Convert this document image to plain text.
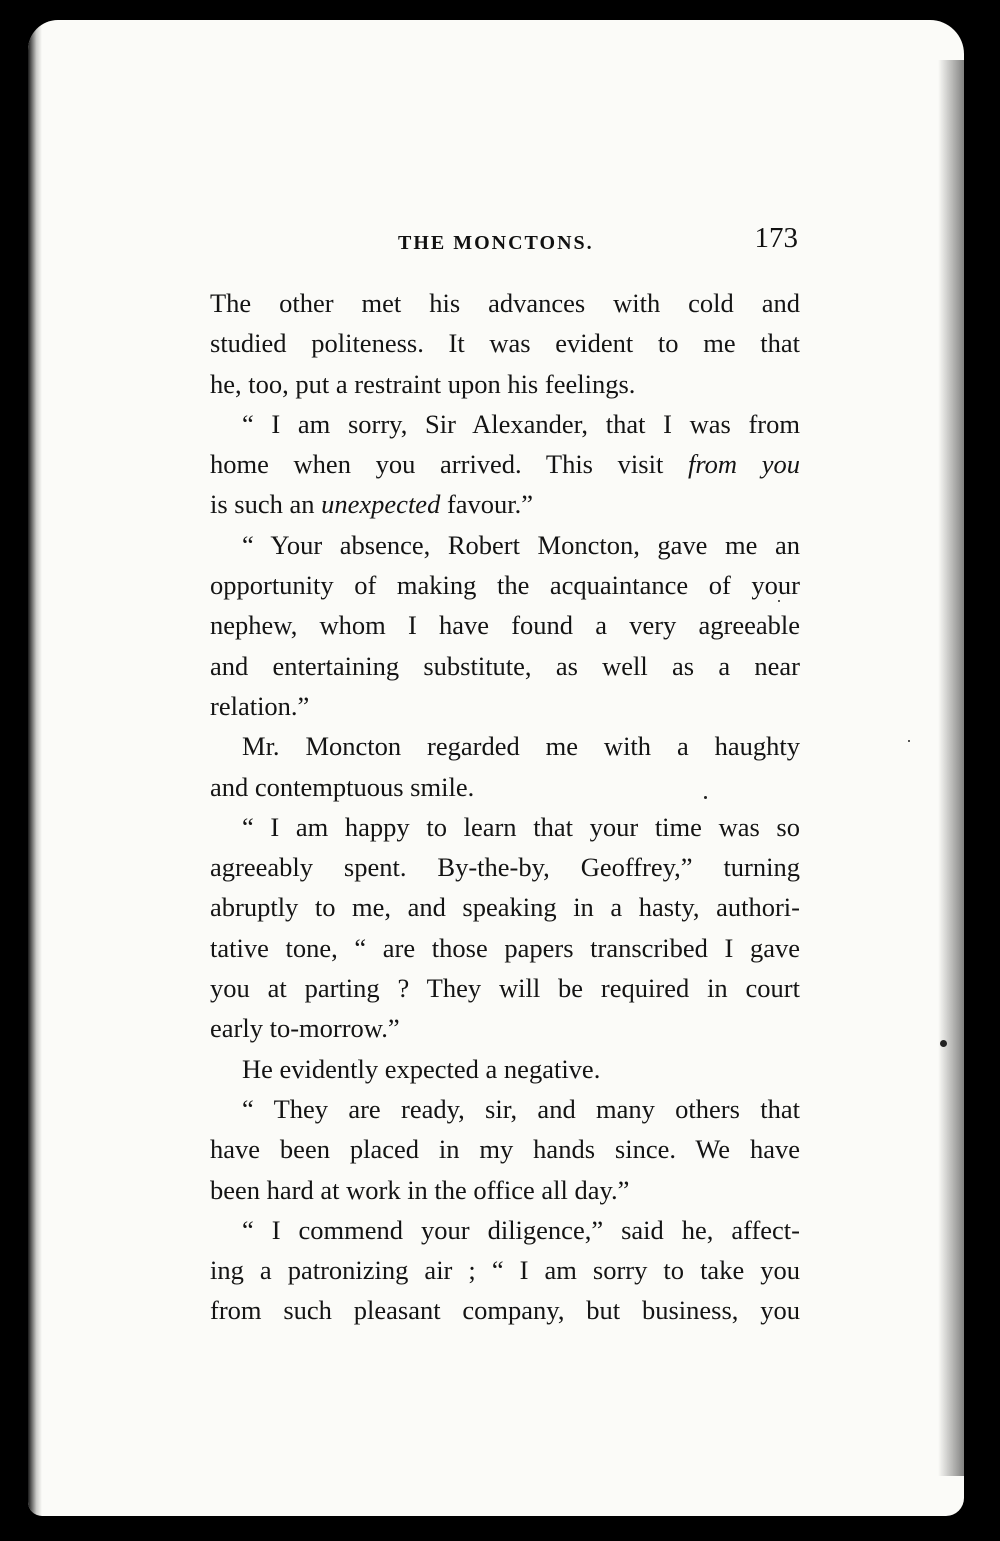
THE MONCTONS.	173
The other met his advances with cold and
studied politeness. It was evident to me that
he, too, put a restraint upon his feelings.
“ I am sorry, Sir Alexander, that I was from
home when you arrived. This visit from you
is such an unexpected favour.”
“ Your absence, Robert Moncton, gave me an
opportunity of making the acquaintance of your
nephew, whom I have found a very agreeable
and entertaining substitute, as well as a near
relation.”
Mr. Moncton regarded me with a haughty
and contemptuous smile.
“ I am happy to learn that your time was so
agreeably spent. By-the-by, Geoffrey,” turning
abruptly to me, and speaking in a hasty, authori-
tative tone, “ are those papers transcribed I gave
you at parting ? They will be required in court
early to-morrow.”
He evidently expected a negative.
“ They are ready, sir, and many others that
have been placed in my hands since. We have
been hard at work in the office all day.”
“ I commend your diligence,” said he, affect-
ing a patronizing air ; “ I am sorry to take you
from such pleasant company, but business, you
